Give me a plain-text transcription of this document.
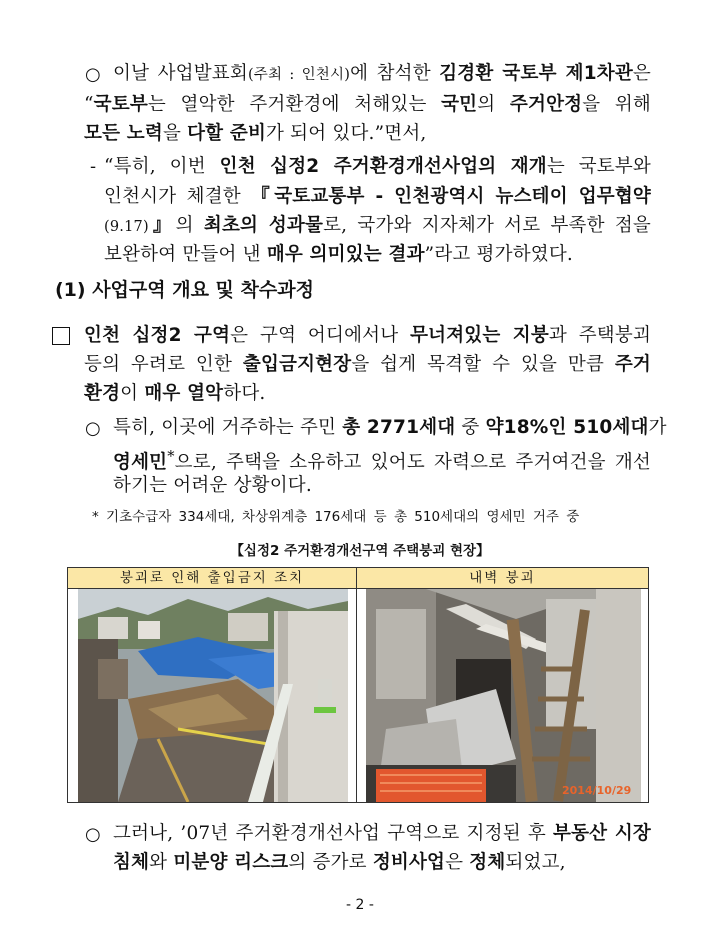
○ 이날 사업발표회(주최 : 인천시)에 참석한 김경환 국토부 제1차관은
“국토부는 열악한 주거환경에 처해있는 국민의 주거안정을 위해
모든 노력을 다할 준비가 되어 있다.”면서,
- “특히, 이번 인천 십정2 주거환경개선사업의 재개는 국토부와
인천시가 체결한 『국토교통부 - 인천광역시 뉴스테이 업무협약
(9.17)』의 최초의 성과물로, 국가와 지자체가 서로 부족한 점을
보완하여 만들어 낸 매우 의미있는 결과”라고 평가하였다.
(1) 사업구역 개요 및 착수과정
인천 십정2 구역은 구역 어디에서나 무너져있는 지붕과 주택붕괴
등의 우려로 인한 출입금지현장을 쉽게 목격할 수 있을 만큼 주거
환경이 매우 열악하다.
○ 특히, 이곳에 거주하는 주민 총 2771세대 중 약18%인 510세대가
영세민*으로, 주택을 소유하고 있어도 자력으로 주거여건을 개선
하기는 어려운 상황이다.
* 기초수급자 334세대, 차상위계층 176세대 등 총 510세대의 영세민 거주 중
【십정2 주거환경개선구역 주택붕괴 현장】
붕괴로 인해 출입금지 조치	내벽 붕괴
2014/10/29
○ 그러나, ’07년 주거환경개선사업 구역으로 지정된 후 부동산 시장
침체와 미분양 리스크의 증가로 정비사업은 정체되었고,
- 2 -
